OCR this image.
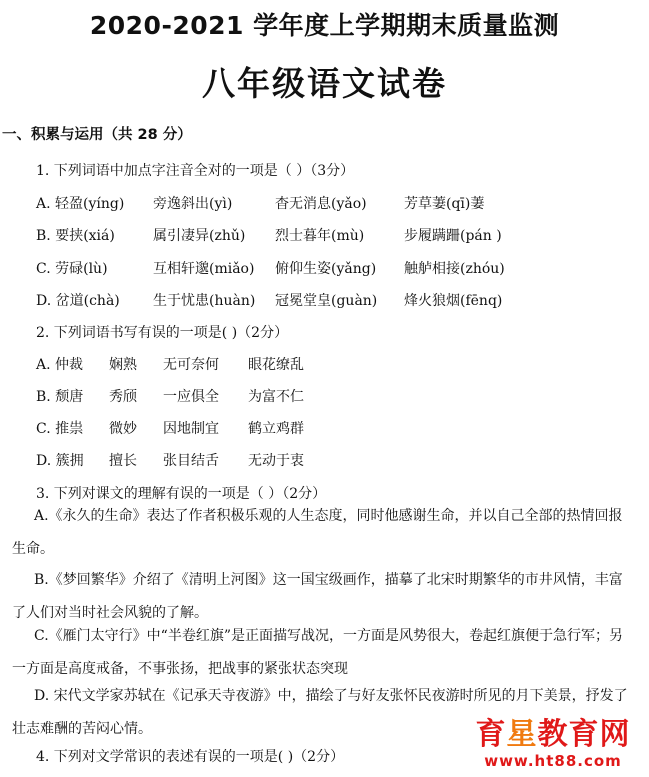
2020-2021 学年度上学期期末质量监测
八年级语文试卷
一、积累与运用（共 28 分）
1. 下列词语中加点字注音全对的一项是（ ）（3分）
A. 轻盈(yíng) 旁逸斜出(yì)	杳无消息(yǎo)	芳草萋(qī)萋
B. 要挟(xiá)	属引凄异(zhǔ) 烈士暮年(mù)	步履蹒跚(pán )
C. 劳碌(lù)	互相轩邈(miǎo) 俯仰生姿(yǎng) 触舻相接(zhóu)
D. 岔道(chà) 生于忧患(huàn) 冠冕堂皇(guàn) 烽火狼烟(fēnq)
2. 下列词语书写有误的一项是( )（2分）
A. 仲裁 娴熟 无可奈何 眼花缭乱
B. 颓唐 秀颀 一应俱全 为富不仁
C. 推祟 微妙 因地制宜 鹤立鸡群
D. 簇拥 擅长 张目结舌 无动于衷
3. 下列对课文的理解有误的一项是（ ）（2分）
A.《永久的生命》表达了作者积极乐观的人生态度，同时他感谢生命，并以自己全部的热情回报生命。
B.《梦回繁华》介绍了《清明上河图》这一国宝级画作，描摹了北宋时期繁华的市井风情，丰富了人们对当时社会风貌的了解。
C.《雁门太守行》中“半卷红旗”是正面描写战况，一方面是风势很大，卷起红旗便于急行军；另一方面是高度戒备，不事张扬，把战事的紧张状态突现
D. 宋代文学家苏轼在《记承天寺夜游》中，描绘了与好友张怀民夜游时所见的月下美景，抒发了壮志难酬的苦闷心情。
4. 下列对文学常识的表述有误的一项是( )（2分）
育星教育网
www.ht88.com
